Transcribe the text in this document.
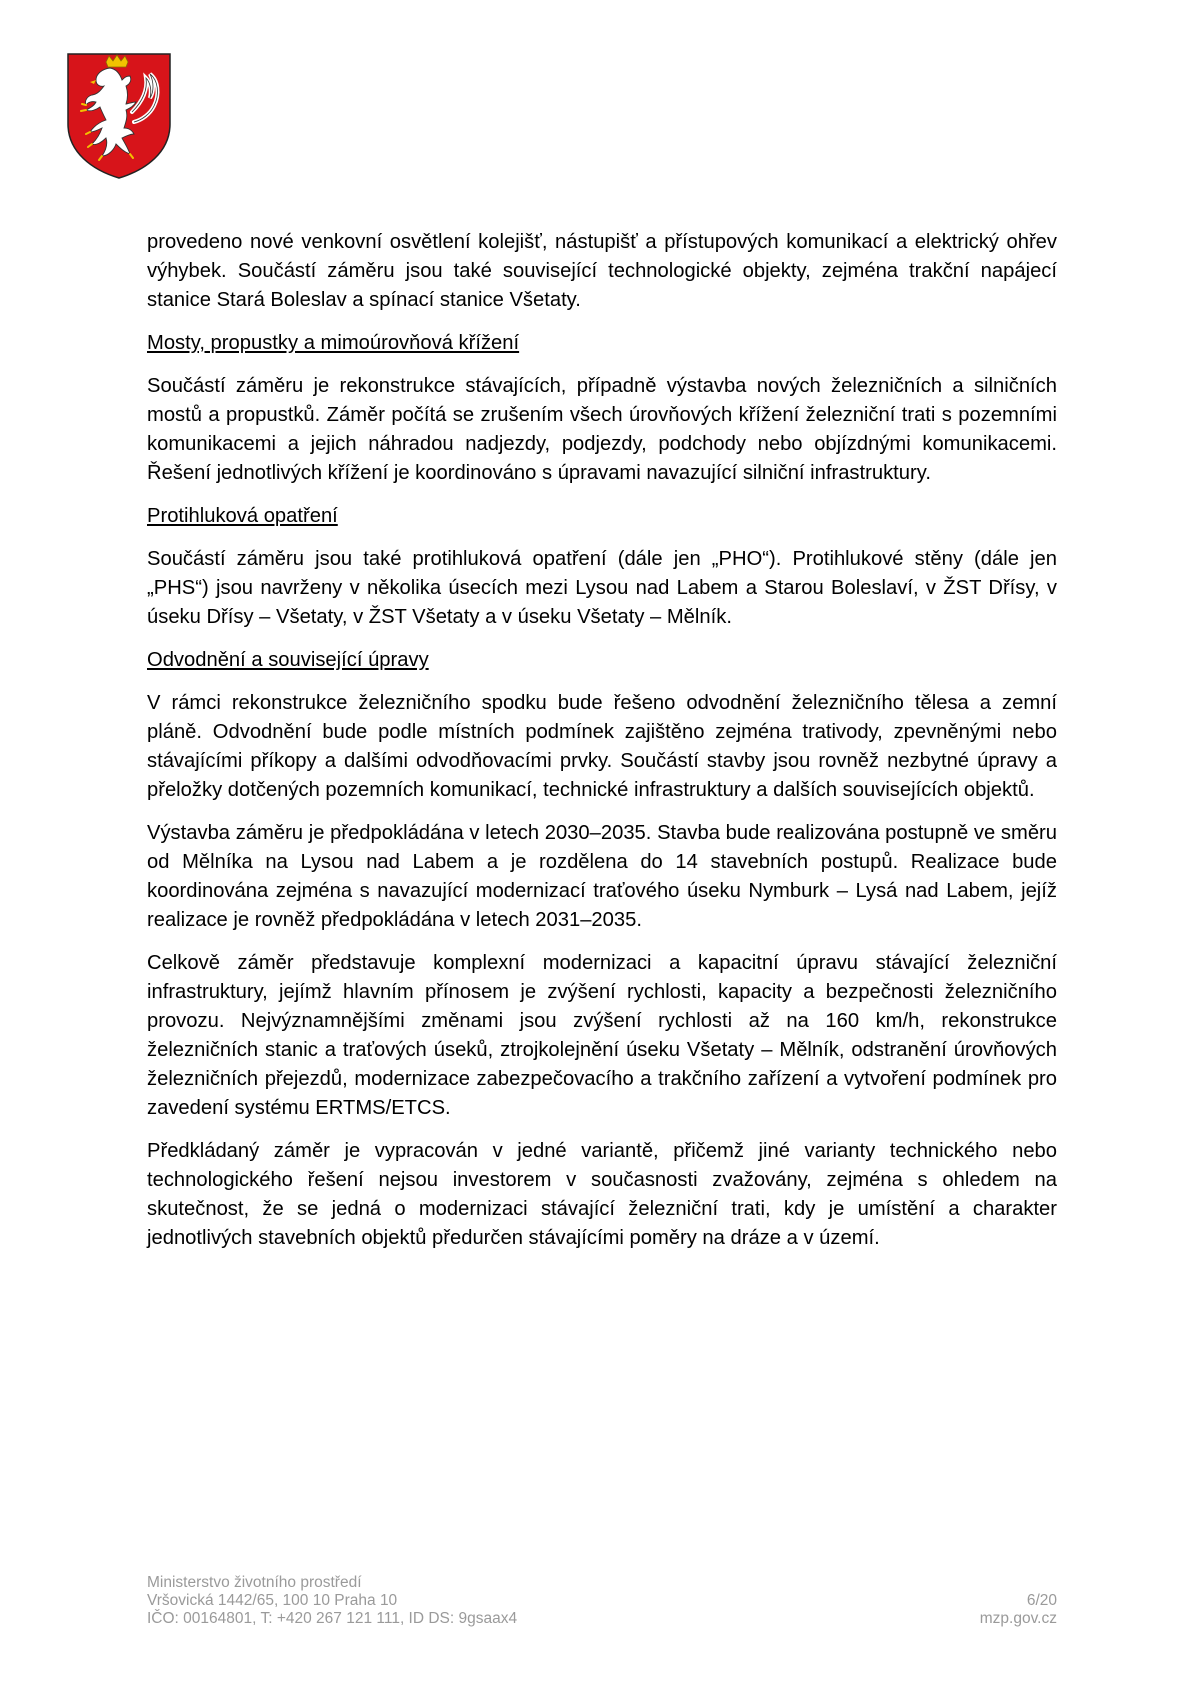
provedeno nové venkovní osvětlení kolejišť, nástupišť a přístupových komunikací a elektrický ohřev výhybek. Součástí záměru jsou také související technologické objekty, zejména trakční napájecí stanice Stará Boleslav a spínací stanice Všetaty.

Mosty, propustky a mimoúrovňová křížení

Součástí záměru je rekonstrukce stávajících, případně výstavba nových železničních a silničních mostů a propustků. Záměr počítá se zrušením všech úrovňových křížení železniční trati s pozemními komunikacemi a jejich náhradou nadjezdy, podjezdy, podchody nebo objízdnými komunikacemi. Řešení jednotlivých křížení je koordinováno s úpravami navazující silniční infrastruktury.

Protihluková opatření

Součástí záměru jsou také protihluková opatření (dále jen „PHO“). Protihlukové stěny (dále jen „PHS“) jsou navrženy v několika úsecích mezi Lysou nad Labem a Starou Boleslaví, v ŽST Dřísy, v úseku Dřísy – Všetaty, v ŽST Všetaty a v úseku Všetaty – Mělník.

Odvodnění a související úpravy

V rámci rekonstrukce železničního spodku bude řešeno odvodnění železničního tělesa a zemní pláně. Odvodnění bude podle místních podmínek zajištěno zejména trativody, zpevněnými nebo stávajícími příkopy a dalšími odvodňovacími prvky. Součástí stavby jsou rovněž nezbytné úpravy a přeložky dotčených pozemních komunikací, technické infrastruktury a dalších souvisejících objektů.

Výstavba záměru je předpokládána v letech 2030–2035. Stavba bude realizována postupně ve směru od Mělníka na Lysou nad Labem a je rozdělena do 14 stavebních postupů. Realizace bude koordinována zejména s navazující modernizací traťového úseku Nymburk – Lysá nad Labem, jejíž realizace je rovněž předpokládána v letech 2031–2035.

Celkově záměr představuje komplexní modernizaci a kapacitní úpravu stávající železniční infrastruktury, jejímž hlavním přínosem je zvýšení rychlosti, kapacity a bezpečnosti železničního provozu. Nejvýznamnějšími změnami jsou zvýšení rychlosti až na 160 km/h, rekonstrukce železničních stanic a traťových úseků, ztrojkolejnění úseku Všetaty – Mělník, odstranění úrovňových železničních přejezdů, modernizace zabezpečovacího a trakčního zařízení a vytvoření podmínek pro zavedení systému ERTMS/ETCS.

Předkládaný záměr je vypracován v jedné variantě, přičemž jiné varianty technického nebo technologického řešení nejsou investorem v současnosti zvažovány, zejména s ohledem na skutečnost, že se jedná o modernizaci stávající železniční trati, kdy je umístění a charakter jednotlivých stavebních objektů předurčen stávajícími poměry na dráze a v území.

Ministerstvo životního prostředí
Vršovická 1442/65, 100 10 Praha 10	6/20
IČO: 00164801, T: +420 267 121 111, ID DS: 9gsaax4	mzp.gov.cz
